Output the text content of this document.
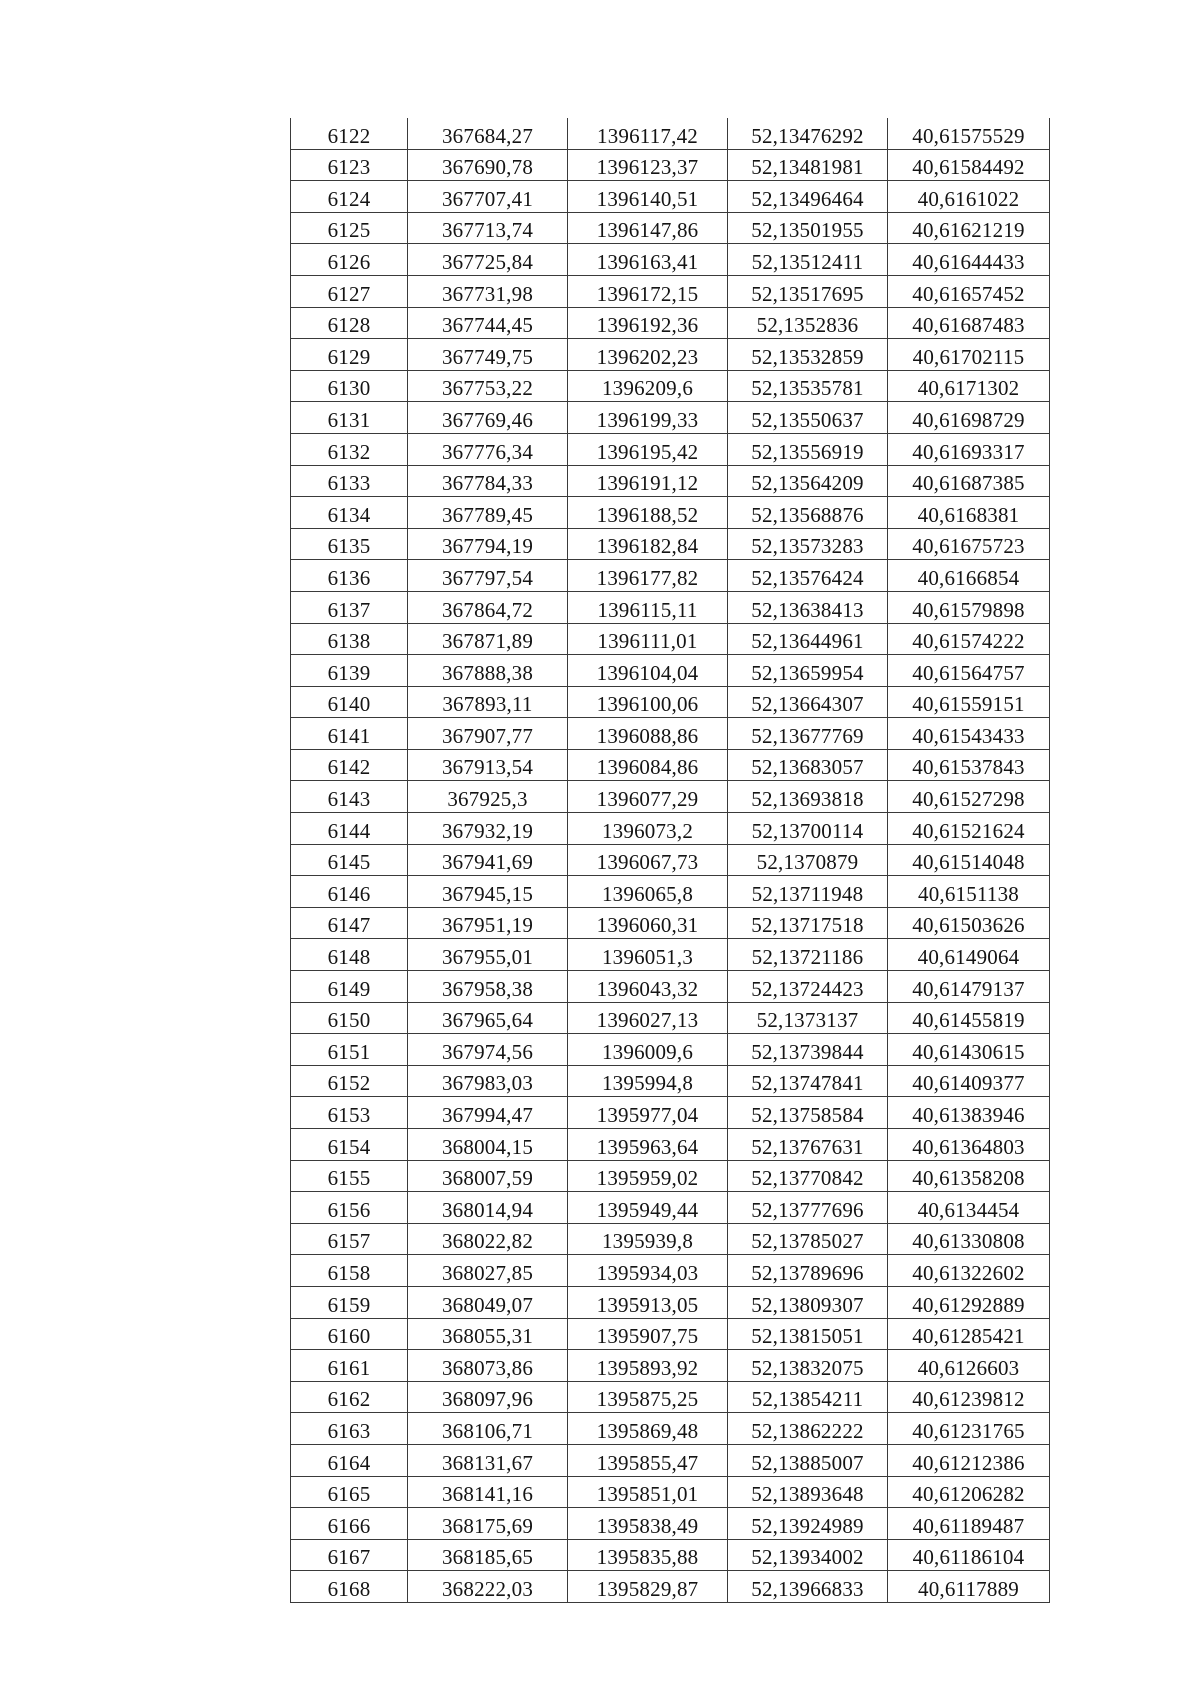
6122	367684,27	1396117,42	52,13476292	40,61575529
6123	367690,78	1396123,37	52,13481981	40,61584492
6124	367707,41	1396140,51	52,13496464	40,6161022
6125	367713,74	1396147,86	52,13501955	40,61621219
6126	367725,84	1396163,41	52,13512411	40,61644433
6127	367731,98	1396172,15	52,13517695	40,61657452
6128	367744,45	1396192,36	52,1352836	40,61687483
6129	367749,75	1396202,23	52,13532859	40,61702115
6130	367753,22	1396209,6	52,13535781	40,6171302
6131	367769,46	1396199,33	52,13550637	40,61698729
6132	367776,34	1396195,42	52,13556919	40,61693317
6133	367784,33	1396191,12	52,13564209	40,61687385
6134	367789,45	1396188,52	52,13568876	40,6168381
6135	367794,19	1396182,84	52,13573283	40,61675723
6136	367797,54	1396177,82	52,13576424	40,6166854
6137	367864,72	1396115,11	52,13638413	40,61579898
6138	367871,89	1396111,01	52,13644961	40,61574222
6139	367888,38	1396104,04	52,13659954	40,61564757
6140	367893,11	1396100,06	52,13664307	40,61559151
6141	367907,77	1396088,86	52,13677769	40,61543433
6142	367913,54	1396084,86	52,13683057	40,61537843
6143	367925,3	1396077,29	52,13693818	40,61527298
6144	367932,19	1396073,2	52,13700114	40,61521624
6145	367941,69	1396067,73	52,1370879	40,61514048
6146	367945,15	1396065,8	52,13711948	40,6151138
6147	367951,19	1396060,31	52,13717518	40,61503626
6148	367955,01	1396051,3	52,13721186	40,6149064
6149	367958,38	1396043,32	52,13724423	40,61479137
6150	367965,64	1396027,13	52,1373137	40,61455819
6151	367974,56	1396009,6	52,13739844	40,61430615
6152	367983,03	1395994,8	52,13747841	40,61409377
6153	367994,47	1395977,04	52,13758584	40,61383946
6154	368004,15	1395963,64	52,13767631	40,61364803
6155	368007,59	1395959,02	52,13770842	40,61358208
6156	368014,94	1395949,44	52,13777696	40,6134454
6157	368022,82	1395939,8	52,13785027	40,61330808
6158	368027,85	1395934,03	52,13789696	40,61322602
6159	368049,07	1395913,05	52,13809307	40,61292889
6160	368055,31	1395907,75	52,13815051	40,61285421
6161	368073,86	1395893,92	52,13832075	40,6126603
6162	368097,96	1395875,25	52,13854211	40,61239812
6163	368106,71	1395869,48	52,13862222	40,61231765
6164	368131,67	1395855,47	52,13885007	40,61212386
6165	368141,16	1395851,01	52,13893648	40,61206282
6166	368175,69	1395838,49	52,13924989	40,61189487
6167	368185,65	1395835,88	52,13934002	40,61186104
6168	368222,03	1395829,87	52,13966833	40,6117889
